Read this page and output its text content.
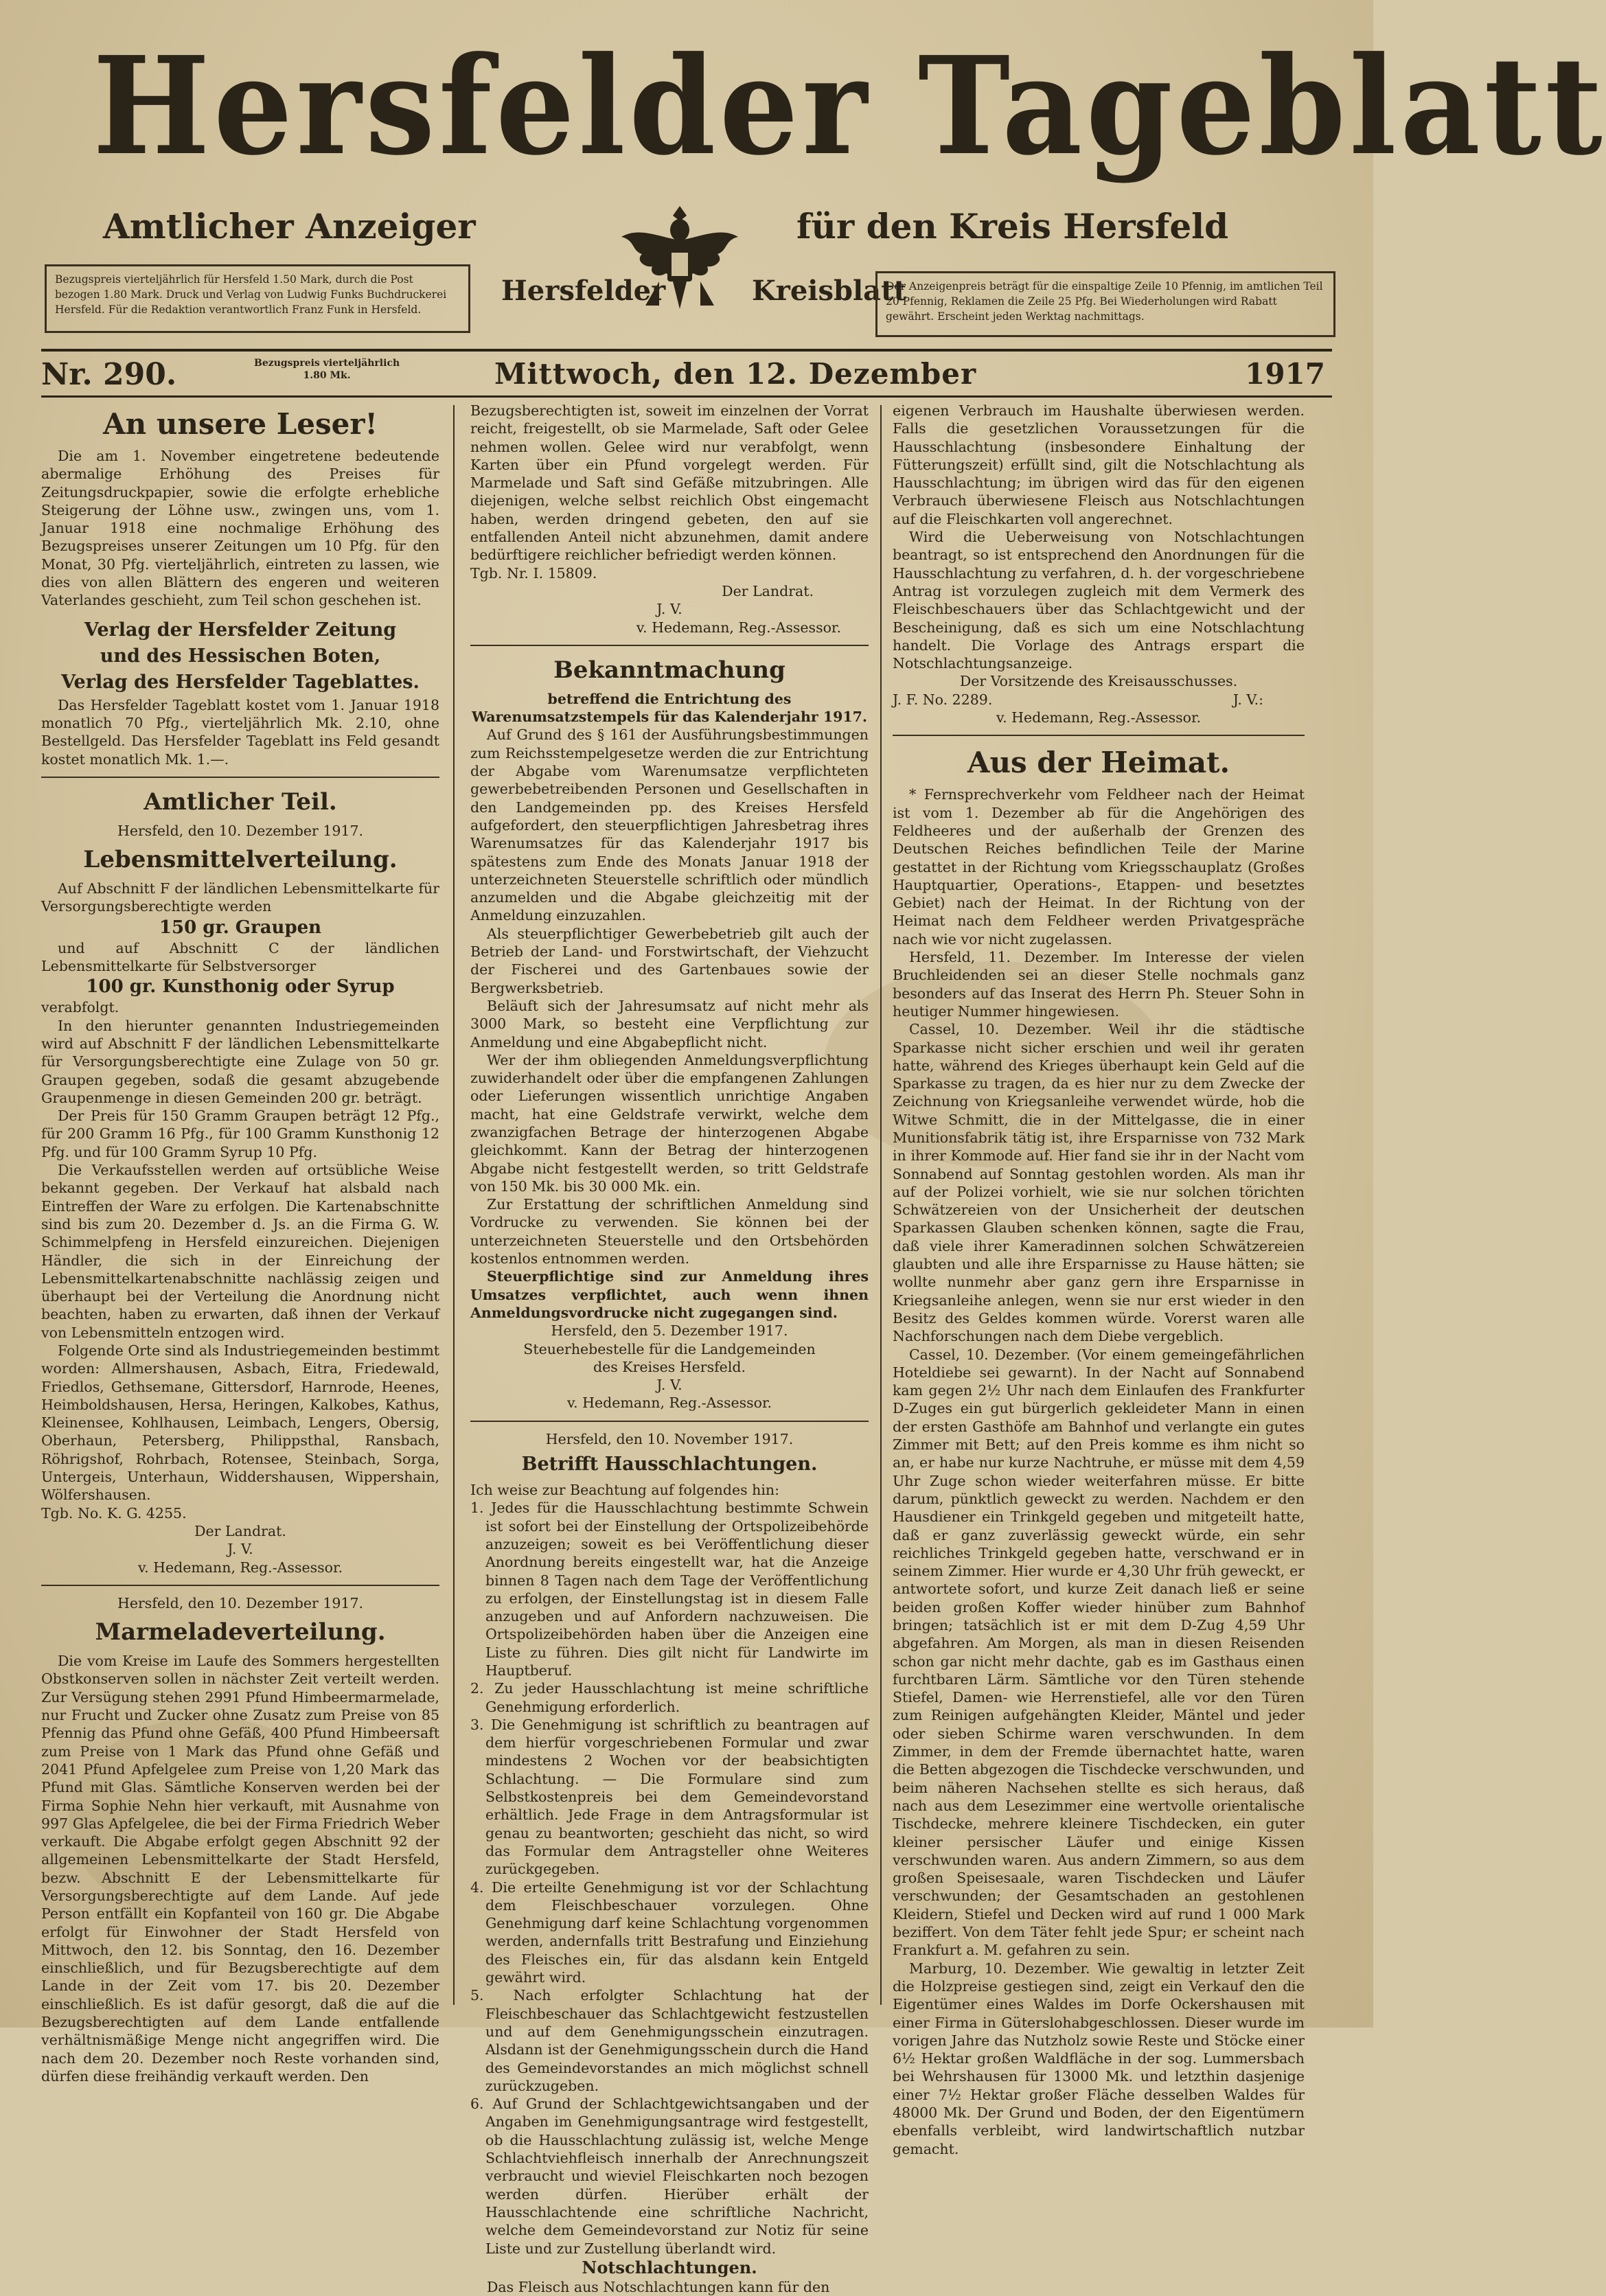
Hersfelder Tageblatt
Amtlicher Anzeiger	für den Kreis Hersfeld
Hersfelder	Kreisblatt
Bezugspreis vierteljährlich für Hersfeld 1.50 Mark, durch die Post bezogen 1.80 Mark. Druck und Verlag von Ludwig Funks Buchdruckerei Hersfeld. Für die Redaktion verantwortlich Franz Funk in Hersfeld.
Der Anzeigenpreis beträgt für die einspaltige Zeile 10 Pfennig, im amtlichen Teil 20 Pfennig, Reklamen die Zeile 25 Pfg. Bei Wiederholungen wird Rabatt gewährt. Erscheint jeden Werktag nachmittags.
Nr. 290.	Bezugspreis vierteljährlich
1.80 Mk.	Mittwoch, den 12. Dezember	1917
An unsere Leser!

Die am 1. November eingetretene bedeutende abermalige Erhöhung des Preises für Zeitungsdruckpapier, sowie die erfolgte erhebliche Steigerung der Löhne usw., zwingen uns, vom 1. Januar 1918 eine nochmalige Erhöhung des Bezugspreises unserer Zeitungen um 10 Pfg. für den Monat, 30 Pfg. vierteljährlich, eintreten zu lassen, wie dies von allen Blättern des engeren und weiteren Vaterlandes geschieht, zum Teil schon geschehen ist.

Verlag der Hersfelder Zeitung
und des Hessischen Boten,
Verlag des Hersfelder Tageblattes.

Das Hersfelder Tageblatt kostet vom 1. Januar 1918 monatlich 70 Pfg., vierteljährlich Mk. 2.10, ohne Bestellgeld. Das Hersfelder Tageblatt ins Feld gesandt kostet monatlich Mk. 1.—.

Amtlicher Teil.
Hersfeld, den 10. Dezember 1917.
Lebensmittelverteilung.

Auf Abschnitt F der ländlichen Lebensmittelkarte für Versorgungsberechtigte werden

150 gr. Graupen

und auf Abschnitt C der ländlichen Lebensmittelkarte für Selbstversorger

100 gr. Kunsthonig oder Syrup

verabfolgt.

In den hierunter genannten Industriegemeinden wird auf Abschnitt F der ländlichen Lebensmittelkarte für Versorgungsberechtigte eine Zulage von 50 gr. Graupen gegeben, sodaß die gesamt abzugebende Graupenmenge in diesen Gemeinden 200 gr. beträgt.

Der Preis für 150 Gramm Graupen beträgt 12 Pfg., für 200 Gramm 16 Pfg., für 100 Gramm Kunsthonig 12 Pfg. und für 100 Gramm Syrup 10 Pfg.

Die Verkaufsstellen werden auf ortsübliche Weise bekannt gegeben. Der Verkauf hat alsbald nach Eintreffen der Ware zu erfolgen. Die Kartenabschnitte sind bis zum 20. Dezember d. Js. an die Firma G. W. Schimmelpfeng in Hersfeld einzureichen. Diejenigen Händler, die sich in der Einreichung der Lebensmittelkartenabschnitte nachlässig zeigen und überhaupt bei der Verteilung die Anordnung nicht beachten, haben zu erwarten, daß ihnen der Verkauf von Lebensmitteln entzogen wird.

Folgende Orte sind als Industriegemeinden bestimmt worden: Allmershausen, Asbach, Eitra, Friedewald, Friedlos, Gethsemane, Gittersdorf, Harnrode, Heenes, Heimboldshausen, Hersa, Heringen, Kalkobes, Kathus, Kleinensee, Kohlhausen, Leimbach, Lengers, Obersig, Oberhaun, Petersberg, Philippsthal, Ransbach, Röhrigshof, Rohrbach, Rotensee, Steinbach, Sorga, Untergeis, Unterhaun, Widdershausen, Wippershain, Wölfershausen.

Tgb. No. K. G. 4255.

Der Landrat.
J. V.
v. Hedemann, Reg.-Assessor.
Hersfeld, den 10. Dezember 1917.
Marmeladeverteilung.

Die vom Kreise im Laufe des Sommers hergestellten Obstkonserven sollen in nächster Zeit verteilt werden. Zur Versügung stehen 2991 Pfund Himbeermarmelade, nur Frucht und Zucker ohne Zusatz zum Preise von 85 Pfennig das Pfund ohne Gefäß, 400 Pfund Himbeersaft zum Preise von 1 Mark das Pfund ohne Gefäß und 2041 Pfund Apfelgelee zum Preise von 1,20 Mark das Pfund mit Glas. Sämtliche Konserven werden bei der Firma Sophie Nehn hier verkauft, mit Ausnahme von 997 Glas Apfelgelee, die bei der Firma Friedrich Weber verkauft. Die Abgabe erfolgt gegen Abschnitt 92 der allgemeinen Lebensmittelkarte der Stadt Hersfeld, bezw. Abschnitt E der Lebensmittelkarte für Versorgungsberechtigte auf dem Lande. Auf jede Person entfällt ein Kopfanteil von 160 gr. Die Abgabe erfolgt für Einwohner der Stadt Hersfeld von Mittwoch, den 12. bis Sonntag, den 16. Dezember einschließlich, und für Bezugsberechtigte auf dem Lande in der Zeit vom 17. bis 20. Dezember einschließlich. Es ist dafür gesorgt, daß die auf die Bezugsberechtigten auf dem Lande entfallende verhältnismäßige Menge nicht angegriffen wird. Die nach dem 20. Dezember noch Reste vorhanden sind, dürfen diese freihändig verkauft werden. Den

Bezugsberechtigten ist, soweit im einzelnen der Vorrat reicht, freigestellt, ob sie Marmelade, Saft oder Gelee nehmen wollen. Gelee wird nur verabfolgt, wenn Karten über ein Pfund vorgelegt werden. Für Marmelade und Saft sind Gefäße mitzubringen. Alle diejenigen, welche selbst reichlich Obst eingemacht haben, werden dringend gebeten, den auf sie entfallenden Anteil nicht abzunehmen, damit andere bedürftigere reichlicher befriedigt werden können.

Tgb. Nr. I. 15809.

Der Landrat.
J. V.
v. Hedemann, Reg.-Assessor.
Bekanntmachung
betreffend die Entrichtung des Warenumsatzstempels für das Kalenderjahr 1917.

Auf Grund des § 161 der Ausführungsbestimmungen zum Reichsstempelgesetze werden die zur Entrichtung der Abgabe vom Warenumsatze verpflichteten gewerbebetreibenden Personen und Gesellschaften in den Landgemeinden pp. des Kreises Hersfeld aufgefordert, den steuerpflichtigen Jahresbetrag ihres Warenumsatzes für das Kalenderjahr 1917 bis spätestens zum Ende des Monats Januar 1918 der unterzeichneten Steuerstelle schriftlich oder mündlich anzumelden und die Abgabe gleichzeitig mit der Anmeldung einzuzahlen.

Als steuerpflichtiger Gewerbebetrieb gilt auch der Betrieb der Land- und Forstwirtschaft, der Viehzucht der Fischerei und des Gartenbaues sowie der Bergwerksbetrieb.

Beläuft sich der Jahresumsatz auf nicht mehr als 3000 Mark, so besteht eine Verpflichtung zur Anmeldung und eine Abgabepflicht nicht.

Wer der ihm obliegenden Anmeldungsverpflichtung zuwiderhandelt oder über die empfangenen Zahlungen oder Lieferungen wissentlich unrichtige Angaben macht, hat eine Geldstrafe verwirkt, welche dem zwanzigfachen Betrage der hinterzogenen Abgabe gleichkommt. Kann der Betrag der hinterzogenen Abgabe nicht festgestellt werden, so tritt Geldstrafe von 150 Mk. bis 30 000 Mk. ein.

Zur Erstattung der schriftlichen Anmeldung sind Vordrucke zu verwenden. Sie können bei der unterzeichneten Steuerstelle und den Ortsbehörden kostenlos entnommen werden.

Steuerpflichtige sind zur Anmeldung ihres Umsatzes verpflichtet, auch wenn ihnen Anmeldungsvordrucke nicht zugegangen sind.

Hersfeld, den 5. Dezember 1917.
Steuerhebestelle für die Landgemeinden
des Kreises Hersfeld.
J. V.
v. Hedemann, Reg.-Assessor.
Hersfeld, den 10. November 1917.
Betrifft Hausschlachtungen.

Ich weise zur Beachtung auf folgendes hin:

1. Jedes für die Hausschlachtung bestimmte Schwein ist sofort bei der Einstellung der Ortspolizeibehörde anzuzeigen; soweit es bei Veröffentlichung dieser Anordnung bereits eingestellt war, hat die Anzeige binnen 8 Tagen nach dem Tage der Veröffentlichung zu erfolgen, der Einstellungstag ist in diesem Falle anzugeben und auf Anfordern nachzuweisen. Die Ortspolizeibehörden haben über die Anzeigen eine Liste zu führen. Dies gilt nicht für Landwirte im Hauptberuf.

2. Zu jeder Hausschlachtung ist meine schriftliche Genehmigung erforderlich.

3. Die Genehmigung ist schriftlich zu beantragen auf dem hierfür vorgeschriebenen Formular und zwar mindestens 2 Wochen vor der beabsichtigten Schlachtung. — Die Formulare sind zum Selbstkostenpreis bei dem Gemeindevorstand erhältlich. Jede Frage in dem Antragsformular ist genau zu beantworten; geschieht das nicht, so wird das Formular dem Antragsteller ohne Weiteres zurückgegeben.

4. Die erteilte Genehmigung ist vor der Schlachtung dem Fleischbeschauer vorzulegen. Ohne Genehmigung darf keine Schlachtung vorgenommen werden, andernfalls tritt Bestrafung und Einziehung des Fleisches ein, für das alsdann kein Entgeld gewährt wird.

5. Nach erfolgter Schlachtung hat der Fleischbeschauer das Schlachtgewicht festzustellen und auf dem Genehmigungsschein einzutragen. Alsdann ist der Genehmigungsschein durch die Hand des Gemeindevorstandes an mich möglichst schnell zurückzugeben.

6. Auf Grund der Schlachtgewichtsangaben und der Angaben im Genehmigungsantrage wird festgestellt, ob die Hausschlachtung zulässig ist, welche Menge Schlachtviehfleisch innerhalb der Anrechnungszeit verbraucht und wieviel Fleischkarten noch bezogen werden dürfen. Hierüber erhält der Hausschlachtende eine schriftliche Nachricht, welche dem Gemeindevorstand zur Notiz für seine Liste und zur Zustellung überlandt wird.

Notschlachtungen.

Das Fleisch aus Notschlachtungen kann für den

eigenen Verbrauch im Haushalte überwiesen werden. Falls die gesetzlichen Voraussetzungen für die Hausschlachtung (insbesondere Einhaltung der Fütterungszeit) erfüllt sind, gilt die Notschlachtung als Hausschlachtung; im übrigen wird das für den eigenen Verbrauch überwiesene Fleisch aus Notschlachtungen auf die Fleischkarten voll angerechnet.

Wird die Ueberweisung von Notschlachtungen beantragt, so ist entsprechend den Anordnungen für die Hausschlachtung zu verfahren, d. h. der vorgeschriebene Antrag ist vorzulegen zugleich mit dem Vermerk des Fleischbeschauers über das Schlachtgewicht und der Bescheinigung, daß es sich um eine Notschlachtung handelt. Die Vorlage des Antrags erspart die Notschlachtungsanzeige.

Der Vorsitzende des Kreisausschusses.
J. F. No. 2289.	J. V.:
v. Hedemann, Reg.-Assessor.
Aus der Heimat.

* Fernsprechverkehr vom Feldheer nach der Heimat ist vom 1. Dezember ab für die Angehörigen des Feldheeres und der außerhalb der Grenzen des Deutschen Reiches befindlichen Teile der Marine gestattet in der Richtung vom Kriegsschauplatz (Großes Hauptquartier, Operations-, Etappen- und besetztes Gebiet) nach der Heimat. In der Richtung von der Heimat nach dem Feldheer werden Privatgespräche nach wie vor nicht zugelassen.

Hersfeld, 11. Dezember. Im Interesse der vielen Bruchleidenden sei an dieser Stelle nochmals ganz besonders auf das Inserat des Herrn Ph. Steuer Sohn in heutiger Nummer hingewiesen.

Cassel, 10. Dezember. Weil ihr die städtische Sparkasse nicht sicher erschien und weil ihr geraten hatte, während des Krieges überhaupt kein Geld auf die Sparkasse zu tragen, da es hier nur zu dem Zwecke der Zeichnung von Kriegsanleihe verwendet würde, hob die Witwe Schmitt, die in der Mittelgasse, die in einer Munitionsfabrik tätig ist, ihre Ersparnisse von 732 Mark in ihrer Kommode auf. Hier fand sie ihr in der Nacht vom Sonnabend auf Sonntag gestohlen worden. Als man ihr auf der Polizei vorhielt, wie sie nur solchen törichten Schwätzereien von der Unsicherheit der deutschen Sparkassen Glauben schenken können, sagte die Frau, daß viele ihrer Kameradinnen solchen Schwätzereien glaubten und alle ihre Ersparnisse zu Hause hätten; sie wollte nunmehr aber ganz gern ihre Ersparnisse in Kriegsanleihe anlegen, wenn sie nur erst wieder in den Besitz des Geldes kommen würde. Vorerst waren alle Nachforschungen nach dem Diebe vergeblich.

Cassel, 10. Dezember. (Vor einem gemeingefährlichen Hoteldiebe sei gewarnt). In der Nacht auf Sonnabend kam gegen 2½ Uhr nach dem Einlaufen des Frankfurter D-Zuges ein gut bürgerlich gekleideter Mann in einen der ersten Gasthöfe am Bahnhof und verlangte ein gutes Zimmer mit Bett; auf den Preis komme es ihm nicht so an, er habe nur kurze Nachtruhe, er müsse mit dem 4,59 Uhr Zuge schon wieder weiterfahren müsse. Er bitte darum, pünktlich geweckt zu werden. Nachdem er den Hausdiener ein Trinkgeld gegeben und mitgeteilt hatte, daß er ganz zuverlässig geweckt würde, ein sehr reichliches Trinkgeld gegeben hatte, verschwand er in seinem Zimmer. Hier wurde er 4,30 Uhr früh geweckt, er antwortete sofort, und kurze Zeit danach ließ er seine beiden großen Koffer wieder hinüber zum Bahnhof bringen; tatsächlich ist er mit dem D-Zug 4,59 Uhr abgefahren. Am Morgen, als man in diesen Reisenden schon gar nicht mehr dachte, gab es im Gasthaus einen furchtbaren Lärm. Sämtliche vor den Türen stehende Stiefel, Damen- wie Herrenstiefel, alle vor den Türen zum Reinigen aufgehängten Kleider, Mäntel und jeder oder sieben Schirme waren verschwunden. In dem Zimmer, in dem der Fremde übernachtet hatte, waren die Betten abgezogen die Tischdecke verschwunden, und beim näheren Nachsehen stellte es sich heraus, daß nach aus dem Lesezimmer eine wertvolle orientalische Tischdecke, mehrere kleinere Tischdecken, ein guter kleiner persischer Läufer und einige Kissen verschwunden waren. Aus andern Zimmern, so aus dem großen Speisesaale, waren Tischdecken und Läufer verschwunden; der Gesamtschaden an gestohlenen Kleidern, Stiefel und Decken wird auf rund 1 000 Mark beziffert. Von dem Täter fehlt jede Spur; er scheint nach Frankfurt a. M. gefahren zu sein.

Marburg, 10. Dezember. Wie gewaltig in letzter Zeit die Holzpreise gestiegen sind, zeigt ein Verkauf den die Eigentümer eines Waldes im Dorfe Ockershausen mit einer Firma in Güterslohabgeschlossen. Dieser wurde im vorigen Jahre das Nutzholz sowie Reste und Stöcke einer 6½ Hektar großen Waldfläche in der sog. Lummersbach bei Wehrshausen für 13000 Mk. und letzthin dasjenige einer 7½ Hektar großer Fläche desselben Waldes für 48000 Mk. Der Grund und Boden, der den Eigentümern ebenfalls verbleibt, wird landwirtschaftlich nutzbar gemacht.
